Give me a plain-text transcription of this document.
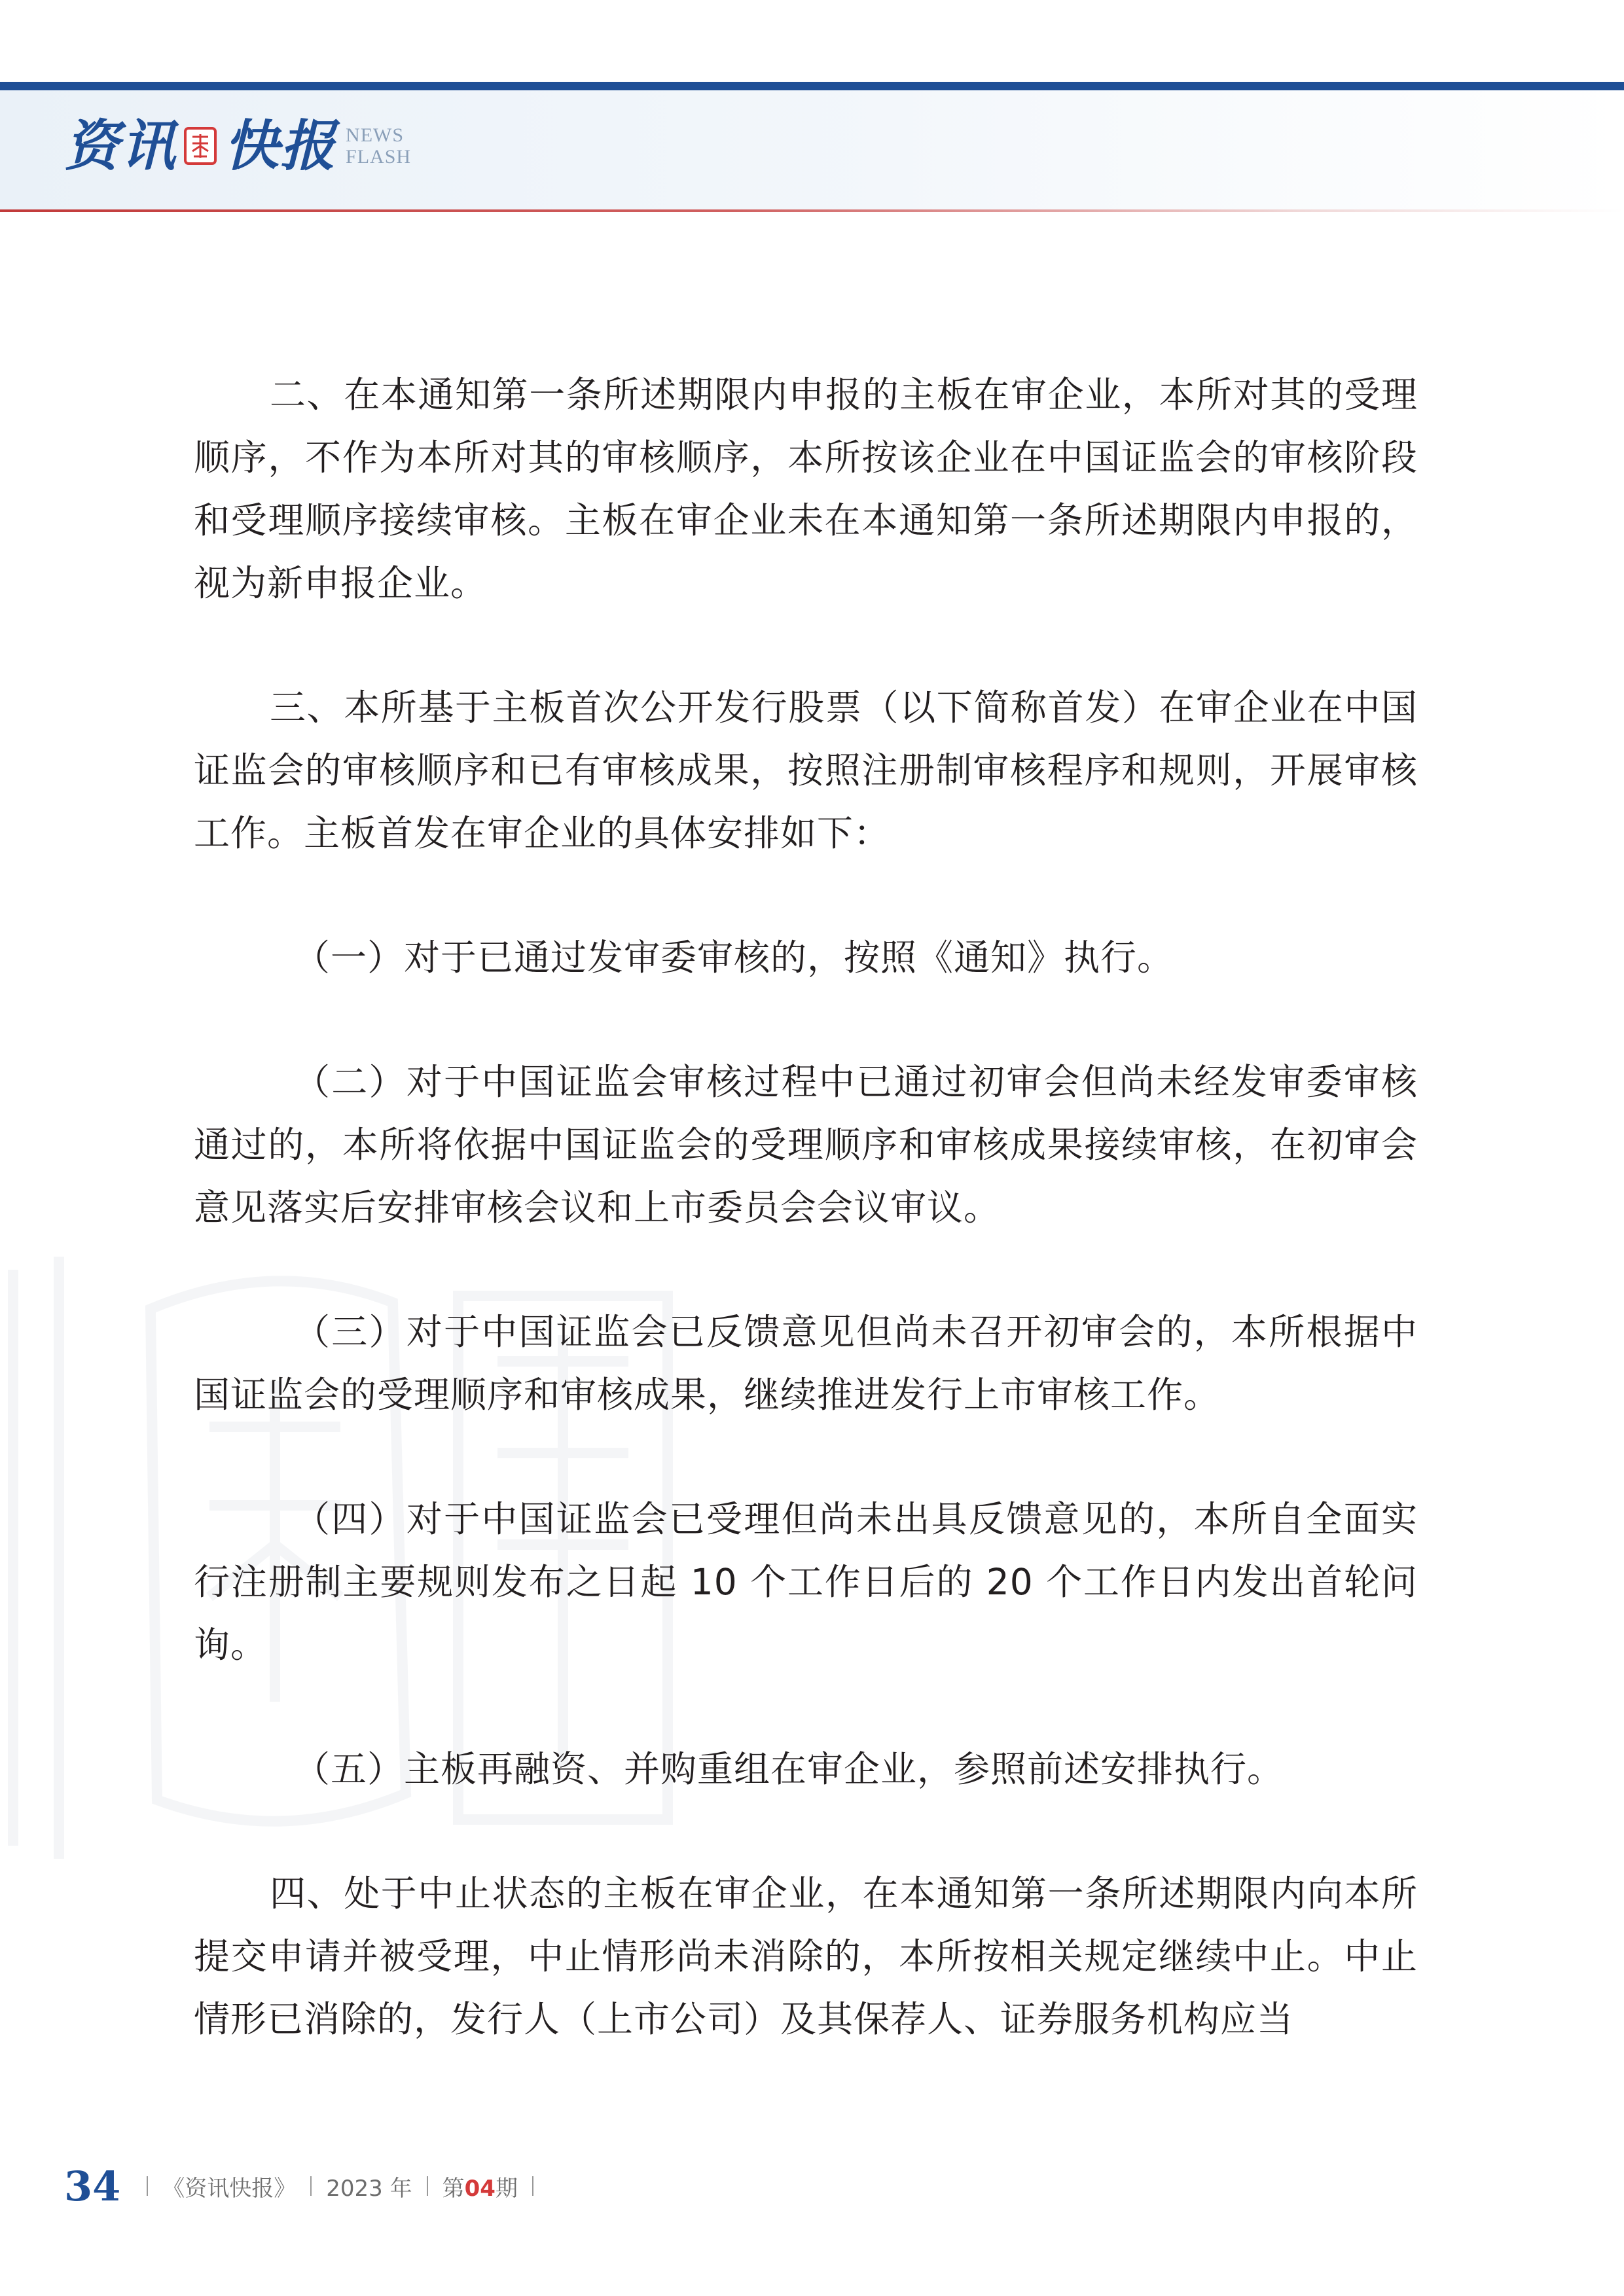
资讯 快报 NEWS
FLASH

二、在本通知第一条所述期限内申报的主板在审企业，本所对其的受理顺序，不作为本所对其的审核顺序，本所按该企业在中国证监会的审核阶段和受理顺序接续审核。主板在审企业未在本通知第一条所述期限内申报的，视为新申报企业。

三、本所基于主板首次公开发行股票（以下简称首发）在审企业在中国证监会的审核顺序和已有审核成果，按照注册制审核程序和规则，开展审核工作。主板首发在审企业的具体安排如下：

（一）对于已通过发审委审核的，按照《通知》执行。

（二）对于中国证监会审核过程中已通过初审会但尚未经发审委审核通过的，本所将依据中国证监会的受理顺序和审核成果接续审核，在初审会意见落实后安排审核会议和上市委员会会议审议。

（三）对于中国证监会已反馈意见但尚未召开初审会的，本所根据中国证监会的受理顺序和审核成果，继续推进发行上市审核工作。

（四）对于中国证监会已受理但尚未出具反馈意见的，本所自全面实行注册制主要规则发布之日起 10 个工作日后的 20 个工作日内发出首轮问询。

（五）主板再融资、并购重组在审企业，参照前述安排执行。

四、处于中止状态的主板在审企业，在本通知第一条所述期限内向本所提交申请并被受理，中止情形尚未消除的，本所按相关规定继续中止。中止情形已消除的，发行人（上市公司）及其保荐人、证券服务机构应当

34 《资讯快报》 2023 年 第04期
